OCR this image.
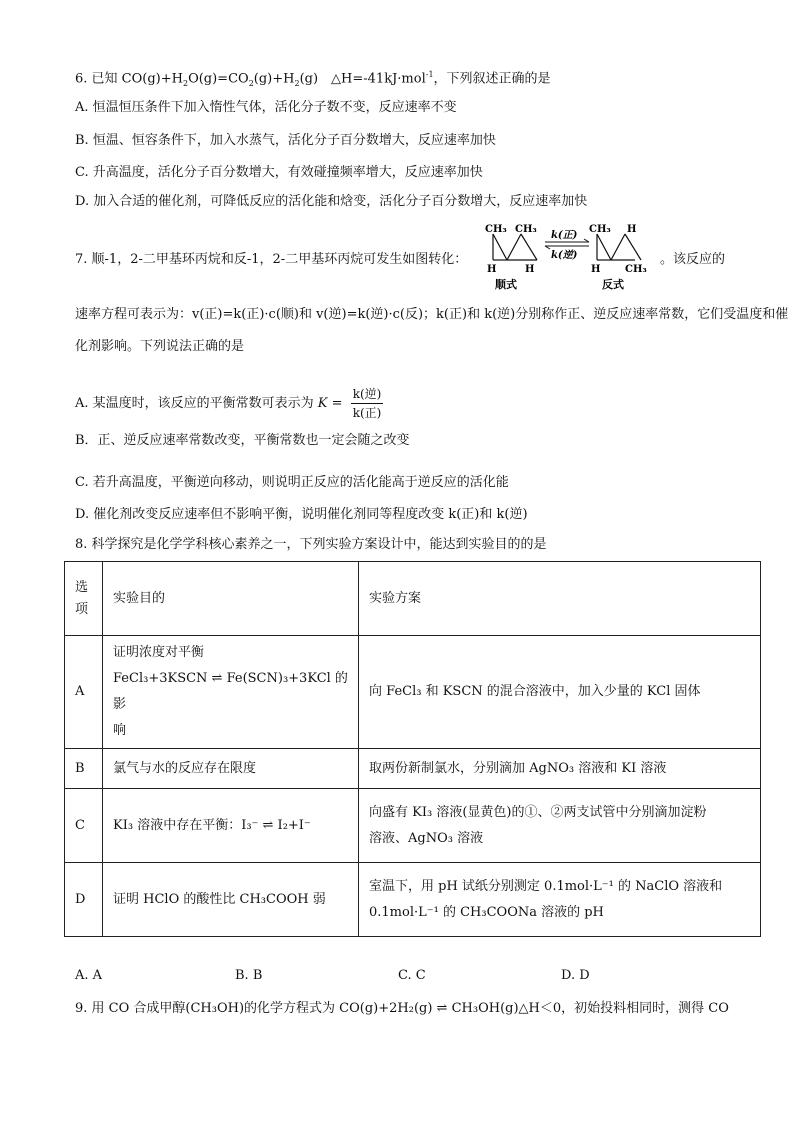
6. 已知 $CO(g)+H_2O(g)=CO_2(g)+H_2(g)$　△H=-41kJ·mol$^{-1}$，下列叙述正确的是
A. 恒温恒压条件下加入惰性气体，活化分子数不变，反应速率不变
B. 恒温、恒容条件下，加入水蒸气，活化分子百分数增大，反应速率加快
C. 升高温度，活化分子百分数增大，有效碰撞频率增大，反应速率加快
D. 加入合适的催化剂，可降低反应的活化能和焓变，活化分子百分数增大，反应速率加快
7. 顺-1，2-二甲基环丙烷和反-1，2-二甲基环丙烷可发生如图转化：	。该反应的
CH₃ CH₃
H	H
顺式
k(正)
k(逆)
CH₃ H
H CH₃
反式
速率方程可表示为：v(正)=k(正)·c(顺)和 v(逆)=k(逆)·c(反)；k(正)和 k(逆)分别称作正、逆反应速率常数，它们受温度和催
化剂影响。下列说法正确的是
A. 某温度时，该反应的平衡常数可表示为 $K = \frac{\text{k(逆)}}{\text{k(正)}}$
B．正、逆反应速率常数改变，平衡常数也一定会随之改变
C. 若升高温度，平衡逆向移动，则说明正反应的活化能高于逆反应的活化能
D. 催化剂改变反应速率但不影响平衡，说明催化剂同等程度改变 k(正)和 k(逆)
8. 科学探究是化学学科核心素养之一，下列实验方案设计中，能达到实验目的的是
选项	实验目的	实验方案
A	证明浓度对平衡
FeCl₃+3KSCN ⇌ Fe(SCN)₃+3KCl 的影
响	向 FeCl₃ 和 KSCN 的混合溶液中，加入少量的 KCl 固体
B	氯气与水的反应存在限度	取两份新制氯水，分别滴加 AgNO₃ 溶液和 KI 溶液
C	KI₃ 溶液中存在平衡：I₃⁻ ⇌ I₂+I⁻	向盛有 KI₃ 溶液(显黄色)的①、②两支试管中分别滴加淀粉
溶液、AgNO₃ 溶液

D	证明 HClO 的酸性比 CH₃COOH 弱	室温下，用 pH 试纸分别测定 0.1mol·L⁻¹ 的 NaClO 溶液和
0.1mol·L⁻¹ 的 CH₃COONa 溶液的 pH
A. A	B. B	C. C	D. D
9. 用 CO 合成甲醇(CH₃OH)的化学方程式为 CO(g)+2H₂(g) ⇌ CH₃OH(g)△H＜0，初始投料相同时，测得 CO
